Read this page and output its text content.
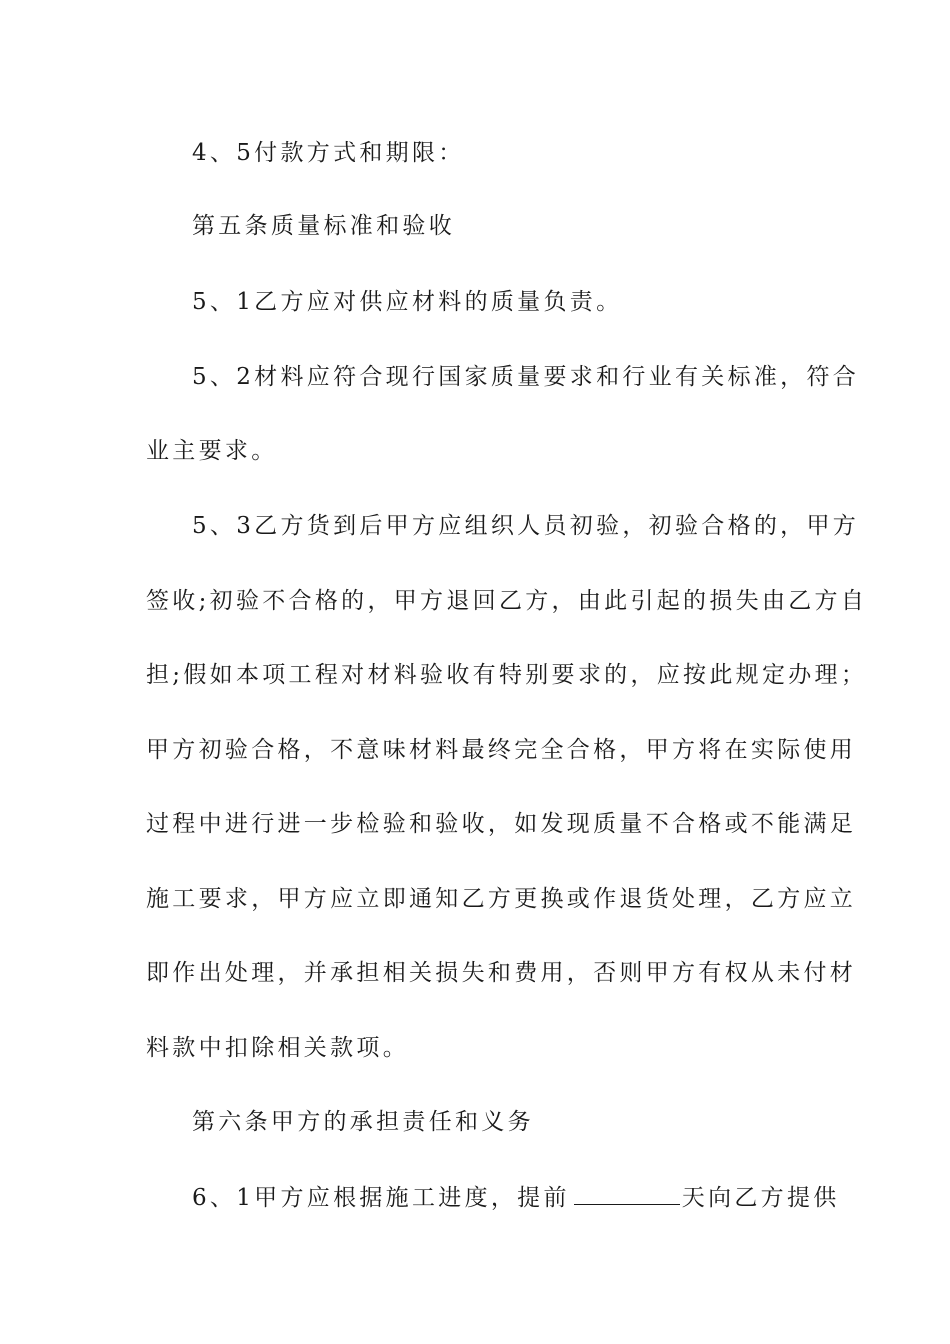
4、5付款方式和期限：
第五条质量标准和验收
5、1乙方应对供应材料的质量负责。
5、2材料应符合现行国家质量要求和行业有关标准，符合
业主要求。
5、3乙方货到后甲方应组织人员初验，初验合格的，甲方
签收;初验不合格的，甲方退回乙方，由此引起的损失由乙方自
担;假如本项工程对材料验收有特别要求的，应按此规定办理；
甲方初验合格，不意味材料最终完全合格，甲方将在实际使用
过程中进行进一步检验和验收，如发现质量不合格或不能满足
施工要求，甲方应立即通知乙方更换或作退货处理，乙方应立
即作出处理，并承担相关损失和费用，否则甲方有权从未付材
料款中扣除相关款项。
第六条甲方的承担责任和义务
6、1甲方应根据施工进度，提前	天向乙方提供
